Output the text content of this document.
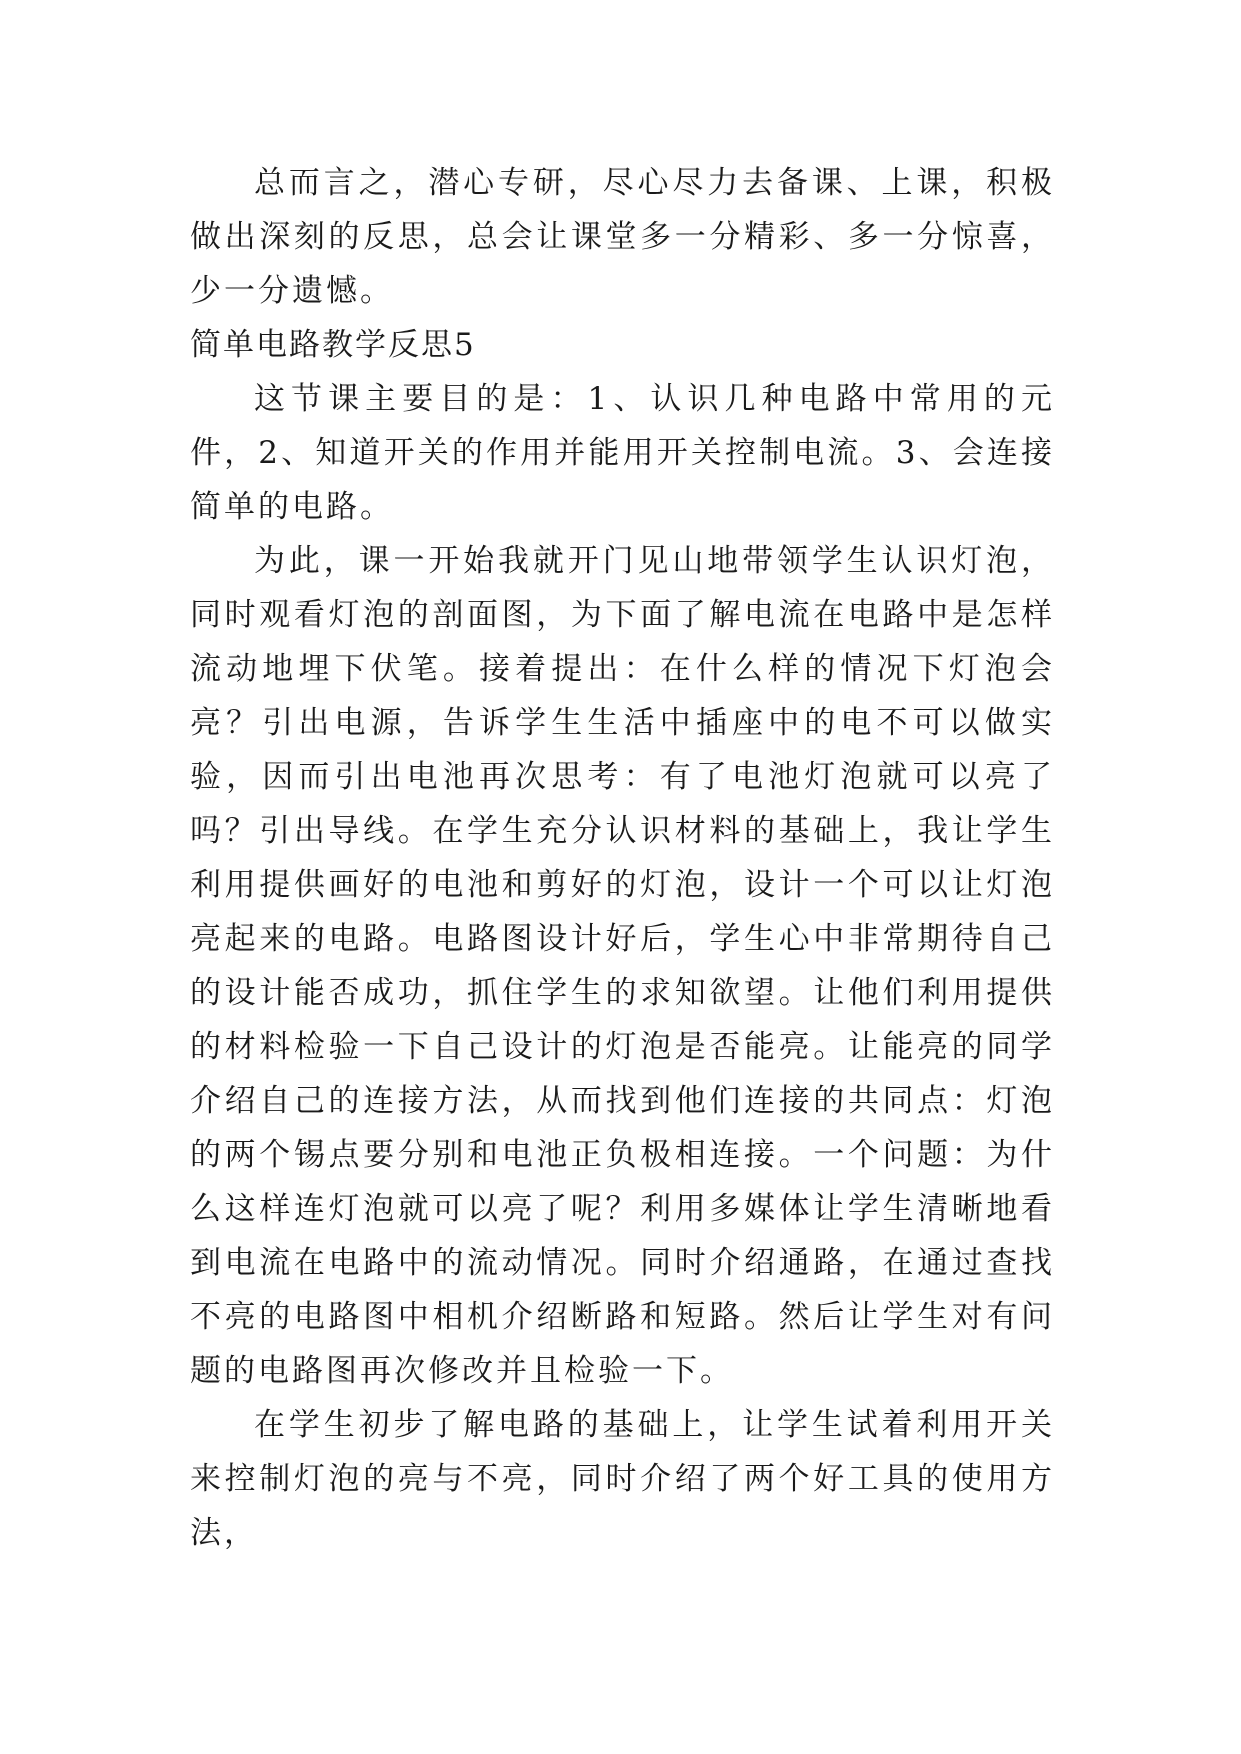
总而言之，潜心专研，尽心尽力去备课、上课，积极做出深刻的反思，总会让课堂多一分精彩、多一分惊喜，少一分遗憾。

简单电路教学反思5

这节课主要目的是：1、认识几种电路中常用的元件，2、知道开关的作用并能用开关控制电流。3、会连接简单的电路。

为此，课一开始我就开门见山地带领学生认识灯泡，同时观看灯泡的剖面图，为下面了解电流在电路中是怎样流动地埋下伏笔。接着提出：在什么样的情况下灯泡会亮？引出电源，告诉学生生活中插座中的电不可以做实验，因而引出电池再次思考：有了电池灯泡就可以亮了吗？引出导线。在学生充分认识材料的基础上，我让学生利用提供画好的电池和剪好的灯泡，设计一个可以让灯泡亮起来的电路。电路图设计好后，学生心中非常期待自己的设计能否成功，抓住学生的求知欲望。让他们利用提供的材料检验一下自己设计的灯泡是否能亮。让能亮的同学介绍自己的连接方法，从而找到他们连接的共同点：灯泡的两个锡点要分别和电池正负极相连接。一个问题：为什么这样连灯泡就可以亮了呢？利用多媒体让学生清晰地看到电流在电路中的流动情况。同时介绍通路，在通过查找不亮的电路图中相机介绍断路和短路。然后让学生对有问题的电路图再次修改并且检验一下。

在学生初步了解电路的基础上，让学生试着利用开关来控制灯泡的亮与不亮，同时介绍了两个好工具的使用方法，
